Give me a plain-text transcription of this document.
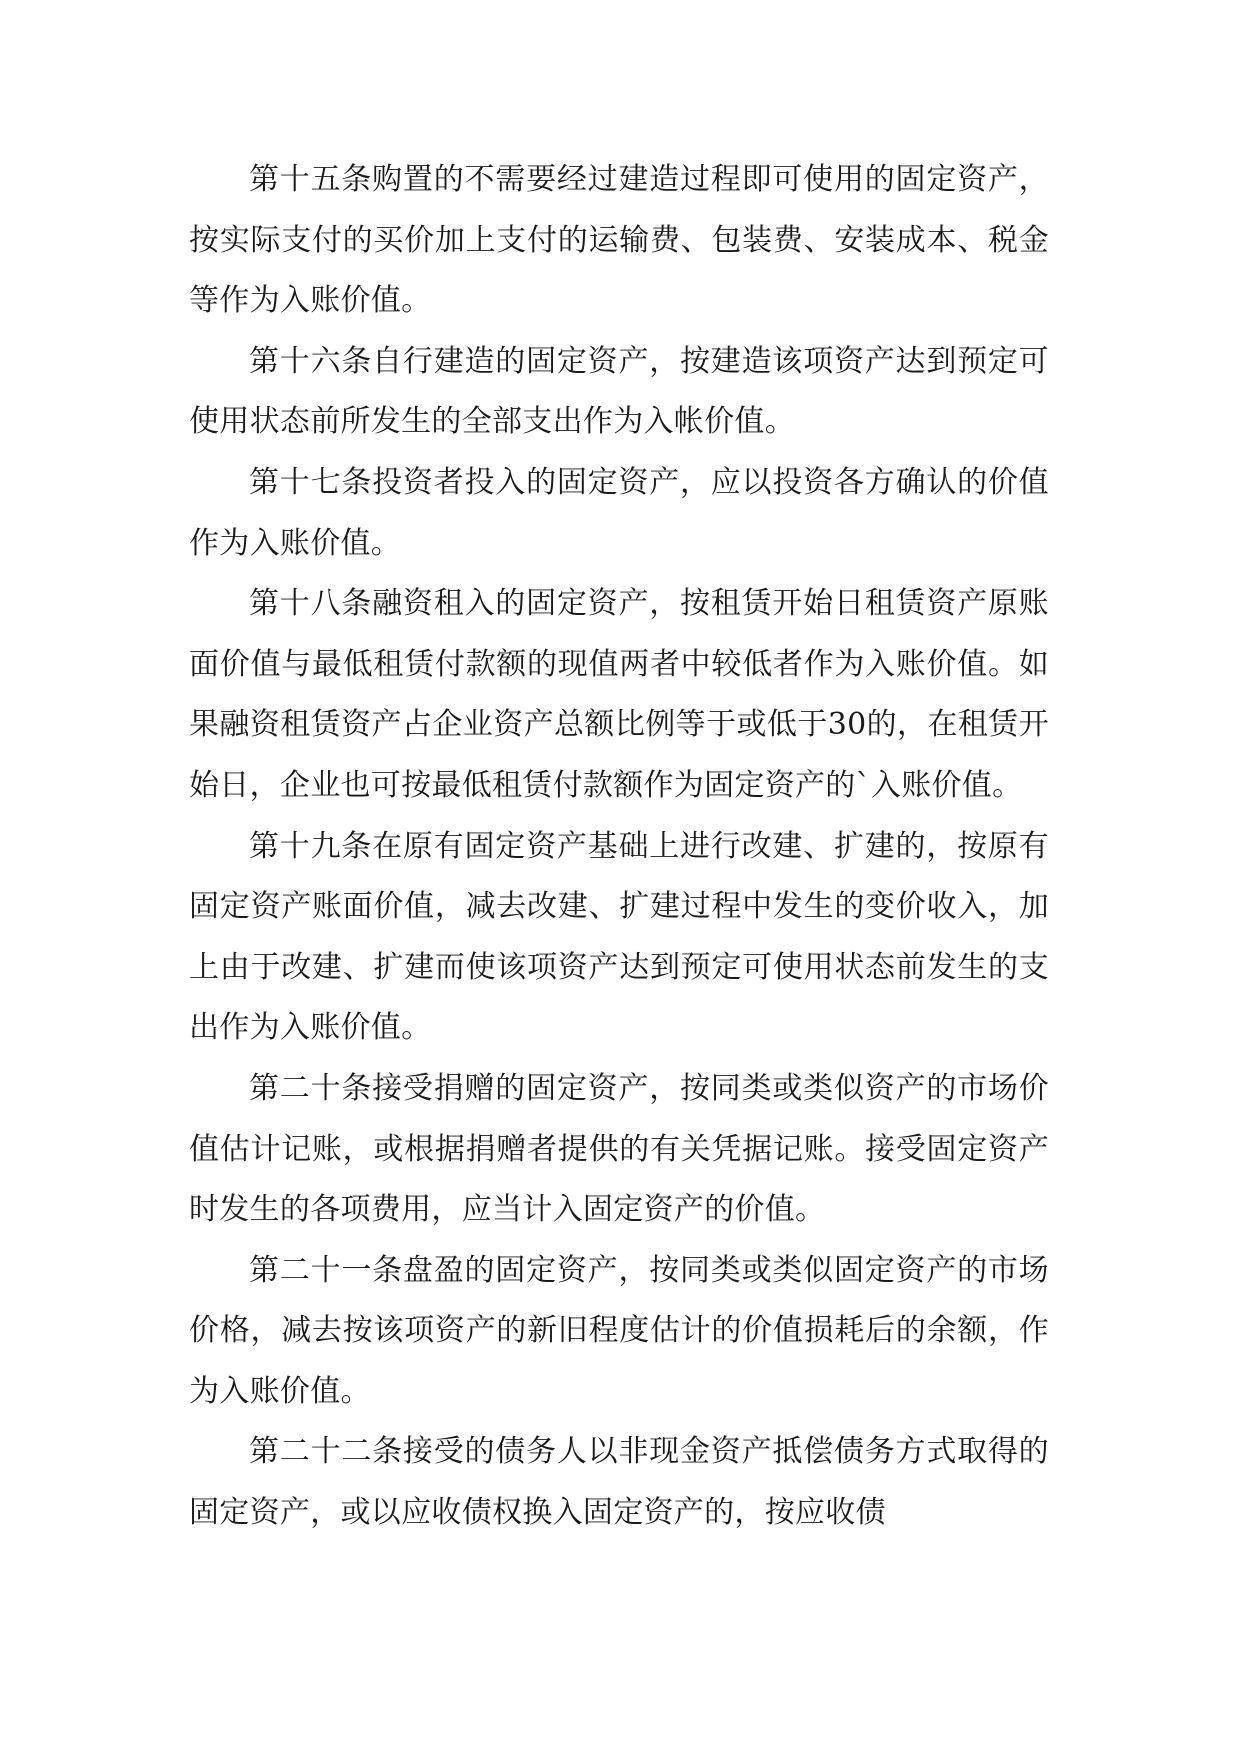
第十五条购置的不需要经过建造过程即可使用的固定资产，按实际支付的买价加上支付的运输费、包装费、安装成本、税金等作为入账价值。

第十六条自行建造的固定资产，按建造该项资产达到预定可使用状态前所发生的全部支出作为入帐价值。

第十七条投资者投入的固定资产，应以投资各方确认的价值作为入账价值。

第十八条融资租入的固定资产，按租赁开始日租赁资产原账面价值与最低租赁付款额的现值两者中较低者作为入账价值。如果融资租赁资产占企业资产总额比例等于或低于30的，在租赁开始日，企业也可按最低租赁付款额作为固定资产的`入账价值。

第十九条在原有固定资产基础上进行改建、扩建的，按原有固定资产账面价值，减去改建、扩建过程中发生的变价收入，加上由于改建、扩建而使该项资产达到预定可使用状态前发生的支出作为入账价值。

第二十条接受捐赠的固定资产，按同类或类似资产的市场价值估计记账，或根据捐赠者提供的有关凭据记账。接受固定资产时发生的各项费用，应当计入固定资产的价值。

第二十一条盘盈的固定资产，按同类或类似固定资产的市场价格，减去按该项资产的新旧程度估计的价值损耗后的余额，作为入账价值。

第二十二条接受的债务人以非现金资产抵偿债务方式取得的固定资产，或以应收债权换入固定资产的，按应收债
